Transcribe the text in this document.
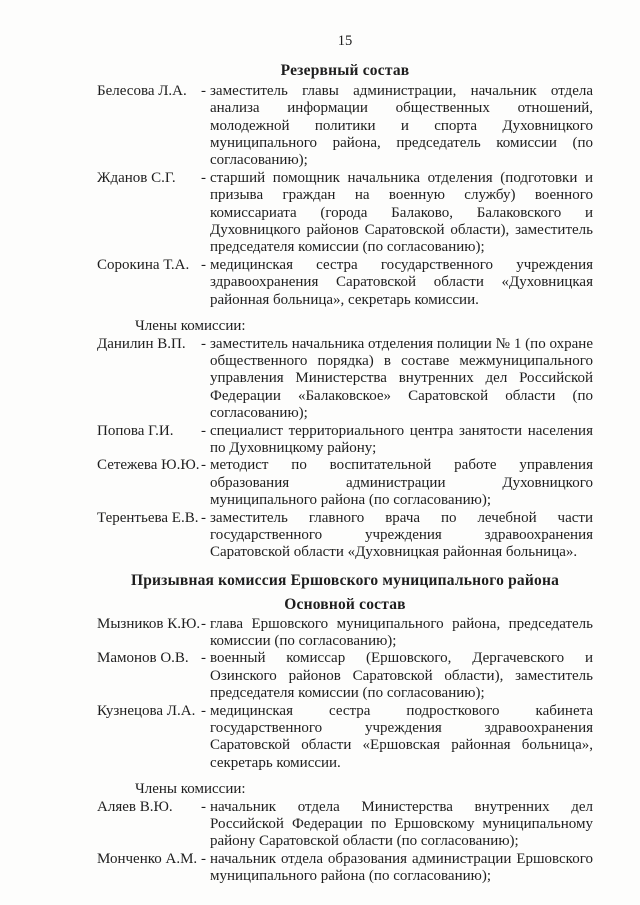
15
Резервный состав
Белесова Л.А. - заместитель главы администрации, начальник отдела анализа информации общественных отношений, молодежной политики и спорта Духовницкого муниципального района, председатель комиссии (по согласованию);
Жданов С.Г.	- старший помощник начальника отделения (подготовки и призыва граждан на военную службу) военного комиссариата (города Балаково, Балаковского и Духовницкого районов Саратовской области), заместитель председателя комиссии (по согласованию);
Сорокина Т.А. - медицинская сестра государственного учреждения здравоохранения Саратовской области «Духовницкая районная больница», секретарь комиссии.
Члены комиссии:
Данилин В.П.	- заместитель начальника отделения полиции № 1 (по охране общественного порядка) в составе межмуниципального управления Министерства внутренних дел Российской Федерации «Балаковское» Саратовской области (по согласованию);
Попова Г.И.	- специалист территориального центра занятости населения по Духовницкому району;
Сетежева Ю.Ю. - методист по воспитательной работе управления образования администрации Духовницкого муниципального района (по согласованию);
Терентьева Е.В. - заместитель главного врача по лечебной части государственного учреждения здравоохранения Саратовской области «Духовницкая районная больница».
Призывная комиссия Ершовского муниципального района
Основной состав
Мызников К.Ю. - глава Ершовского муниципального района, председатель комиссии (по согласованию);
Мамонов О.В. - военный комиссар (Ершовского, Дергачевского и Озинского районов Саратовской области), заместитель председателя комиссии (по согласованию);
Кузнецова Л.А. - медицинская сестра подросткового кабинета государственного учреждения здравоохранения Саратовской области «Ершовская районная больница», секретарь комиссии.
Члены комиссии:
Аляев В.Ю.	- начальник отдела Министерства внутренних дел Российской Федерации по Ершовскому муниципальному району Саратовской области (по согласованию);
Монченко А.М. - начальник отдела образования администрации Ершовского муниципального района (по согласованию);
